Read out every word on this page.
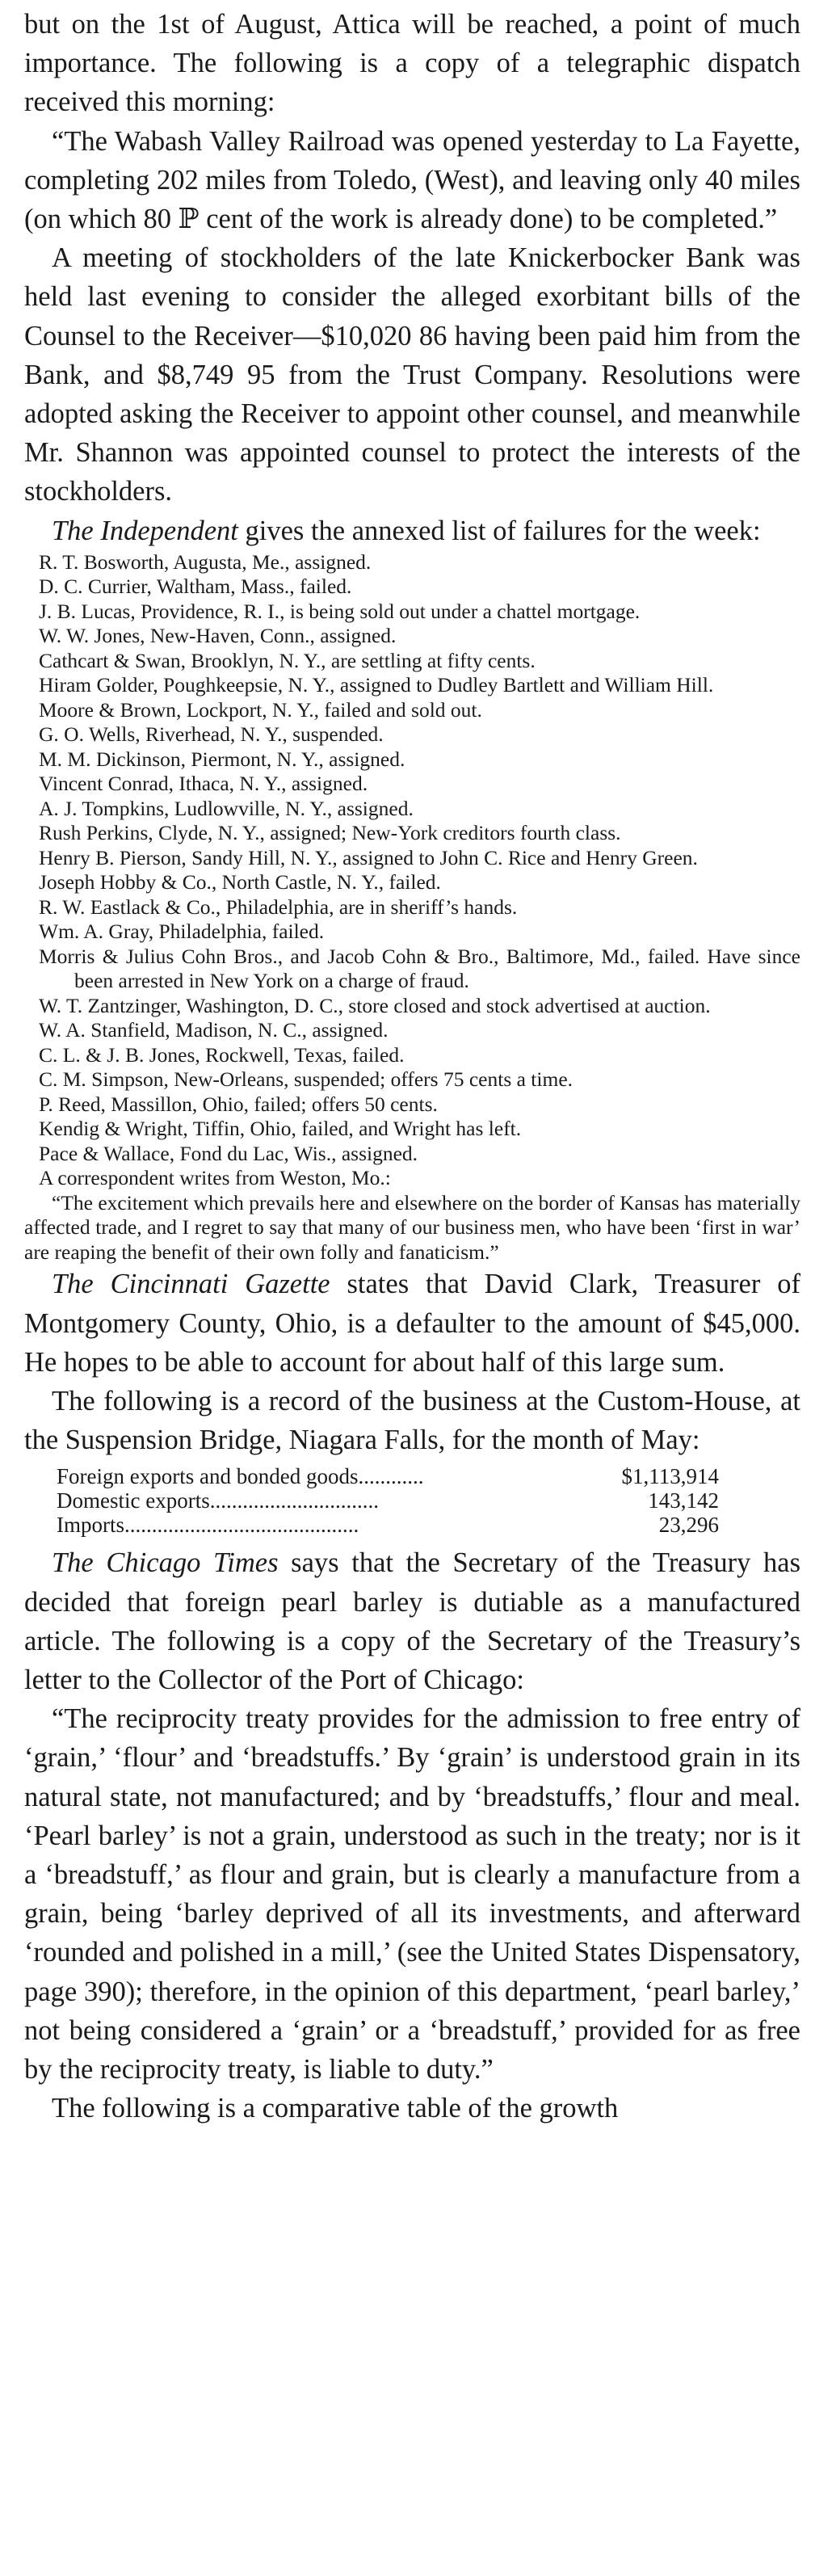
but on the 1st of August, Attica will be reached, a point of much importance. The following is a copy of a telegraphic dispatch received this morning:

“The Wabash Valley Railroad was opened yesterday to La Fayette, completing 202 miles from Toledo, (West), and leaving only 40 miles (on which 80 ℙ cent of the work is already done) to be completed.”

A meeting of stockholders of the late Knickerbocker Bank was held last evening to consider the alleged exorbitant bills of the Counsel to the Receiver—$10,020 86 having been paid him from the Bank, and $8,749 95 from the Trust Company. Resolutions were adopted asking the Receiver to appoint other counsel, and meanwhile Mr. Shannon was appointed counsel to protect the interests of the stockholders.

The Independent gives the annexed list of failures for the week:

R. T. Bosworth, Augusta, Me., assigned.

D. C. Currier, Waltham, Mass., failed.

J. B. Lucas, Providence, R. I., is being sold out under a chattel mortgage.

W. W. Jones, New-Haven, Conn., assigned.

Cathcart & Swan, Brooklyn, N. Y., are settling at fifty cents.

Hiram Golder, Poughkeepsie, N. Y., assigned to Dudley Bartlett and William Hill.

Moore & Brown, Lockport, N. Y., failed and sold out.

G. O. Wells, Riverhead, N. Y., suspended.

M. M. Dickinson, Piermont, N. Y., assigned.

Vincent Conrad, Ithaca, N. Y., assigned.

A. J. Tompkins, Ludlowville, N. Y., assigned.

Rush Perkins, Clyde, N. Y., assigned; New-York creditors fourth class.

Henry B. Pierson, Sandy Hill, N. Y., assigned to John C. Rice and Henry Green.

Joseph Hobby & Co., North Castle, N. Y., failed.

R. W. Eastlack & Co., Philadelphia, are in sheriff’s hands.

Wm. A. Gray, Philadelphia, failed.

Morris & Julius Cohn Bros., and Jacob Cohn & Bro., Baltimore, Md., failed. Have since been arrested in New York on a charge of fraud.

W. T. Zantzinger, Washington, D. C., store closed and stock advertised at auction.

W. A. Stanfield, Madison, N. C., assigned.

C. L. & J. B. Jones, Rockwell, Texas, failed.

C. M. Simpson, New-Orleans, suspended; offers 75 cents a time.

P. Reed, Massillon, Ohio, failed; offers 50 cents.

Kendig & Wright, Tiffin, Ohio, failed, and Wright has left.

Pace & Wallace, Fond du Lac, Wis., assigned.

A correspondent writes from Weston, Mo.:

“The excitement which prevails here and elsewhere on the border of Kansas has materially affected trade, and I regret to say that many of our business men, who have been ‘first in war’ are reaping the benefit of their own folly and fanaticism.”

The Cincinnati Gazette states that David Clark, Treasurer of Montgomery County, Ohio, is a defaulter to the amount of $45,000. He hopes to be able to account for about half of this large sum.

The following is a record of the business at the Custom-House, at the Suspension Bridge, Niagara Falls, for the month of May:

Foreign exports and bonded goods............	$1,113,914
Domestic exports...............................	143,142
Imports...........................................	23,296

The Chicago Times says that the Secretary of the Treasury has decided that foreign pearl barley is dutiable as a manufactured article. The following is a copy of the Secretary of the Treasury’s letter to the Collector of the Port of Chicago:

“The reciprocity treaty provides for the admission to free entry of ‘grain,’ ‘flour’ and ‘breadstuffs.’ By ‘grain’ is understood grain in its natural state, not manufactured; and by ‘breadstuffs,’ flour and meal. ‘Pearl barley’ is not a grain, understood as such in the treaty; nor is it a ‘breadstuff,’ as flour and grain, but is clearly a manufacture from a grain, being ‘barley deprived of all its investments, and afterward ‘rounded and polished in a mill,’ (see the United States Dispensatory, page 390); therefore, in the opinion of this department, ‘pearl barley,’ not being considered a ‘grain’ or a ‘breadstuff,’ provided for as free by the reciprocity treaty, is liable to duty.”

The following is a comparative table of the growth
